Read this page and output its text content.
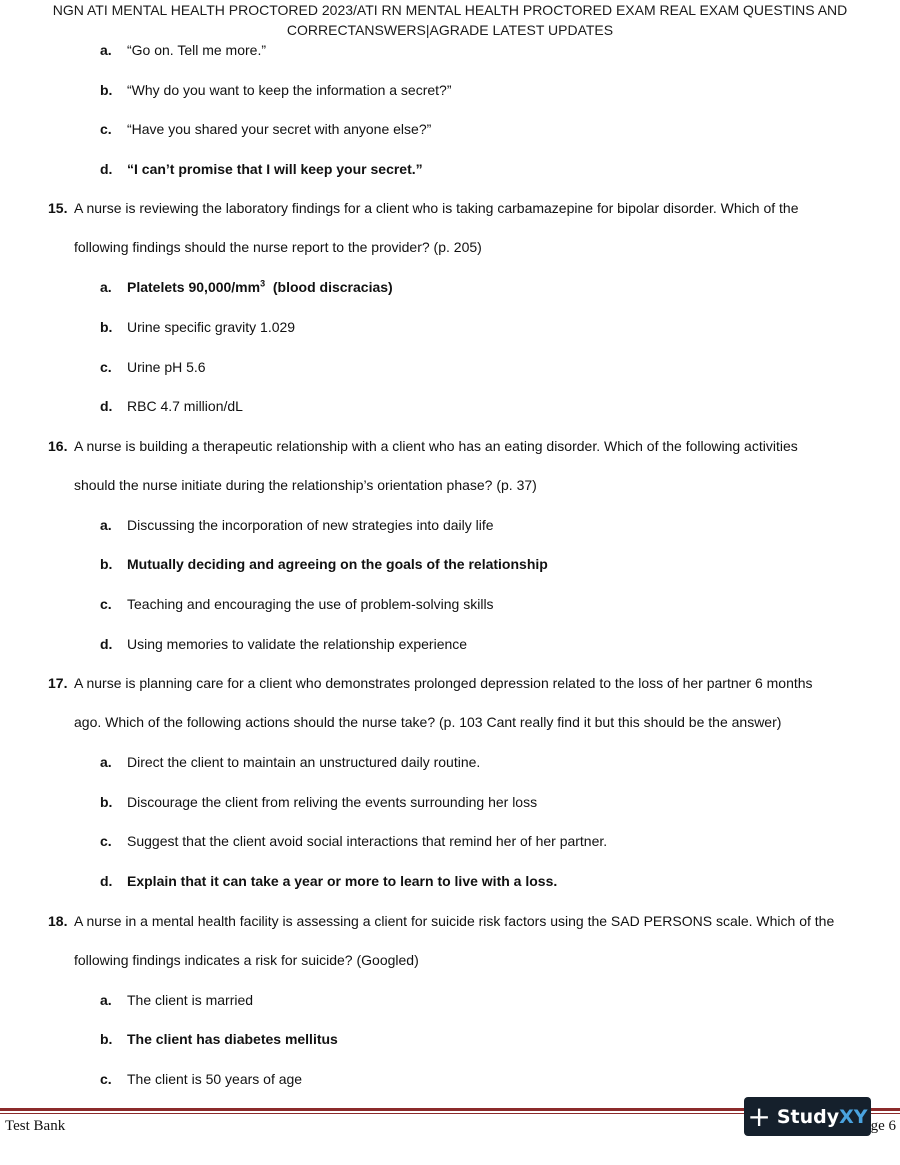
NGN ATI MENTAL HEALTH PROCTORED 2023/ATI RN MENTAL HEALTH PROCTORED EXAM REAL EXAM QUESTINS AND
CORRECTANSWERS|AGRADE LATEST UPDATES
a. “Go on. Tell me more.”
b. “Why do you want to keep the information a secret?”
c. “Have you shared your secret with anyone else?”
d. “I can’t promise that I will keep your secret.”
15. A nurse is reviewing the laboratory findings for a client who is taking carbamazepine for bipolar disorder. Which of the
following findings should the nurse report to the provider? (p. 205)
a. Platelets $90,000/mm^3$  (blood discracias)
b. Urine specific gravity 1.029
c. Urine pH 5.6
d. RBC 4.7 million/dL
16. A nurse is building a therapeutic relationship with a client who has an eating disorder. Which of the following activities
should the nurse initiate during the relationship’s orientation phase? (p. 37)
a. Discussing the incorporation of new strategies into daily life
b. Mutually deciding and agreeing on the goals of the relationship
c. Teaching and encouraging the use of problem-solving skills
d. Using memories to validate the relationship experience
17. A nurse is planning care for a client who demonstrates prolonged depression related to the loss of her partner 6 months
ago. Which of the following actions should the nurse take? (p. 103 Cant really find it but this should be the answer)
a. Direct the client to maintain an unstructured daily routine.
b. Discourage the client from reliving the events surrounding her loss
c. Suggest that the client avoid social interactions that remind her of her partner.
d. Explain that it can take a year or more to learn to live with a loss.
18. A nurse in a mental health facility is assessing a client for suicide risk factors using the SAD PERSONS scale. Which of the
following findings indicates a risk for suicide? (Googled)
a. The client is married
b. The client has diabetes mellitus
c. The client is 50 years of age
Test Bank	ge 6
+ StudyXY
